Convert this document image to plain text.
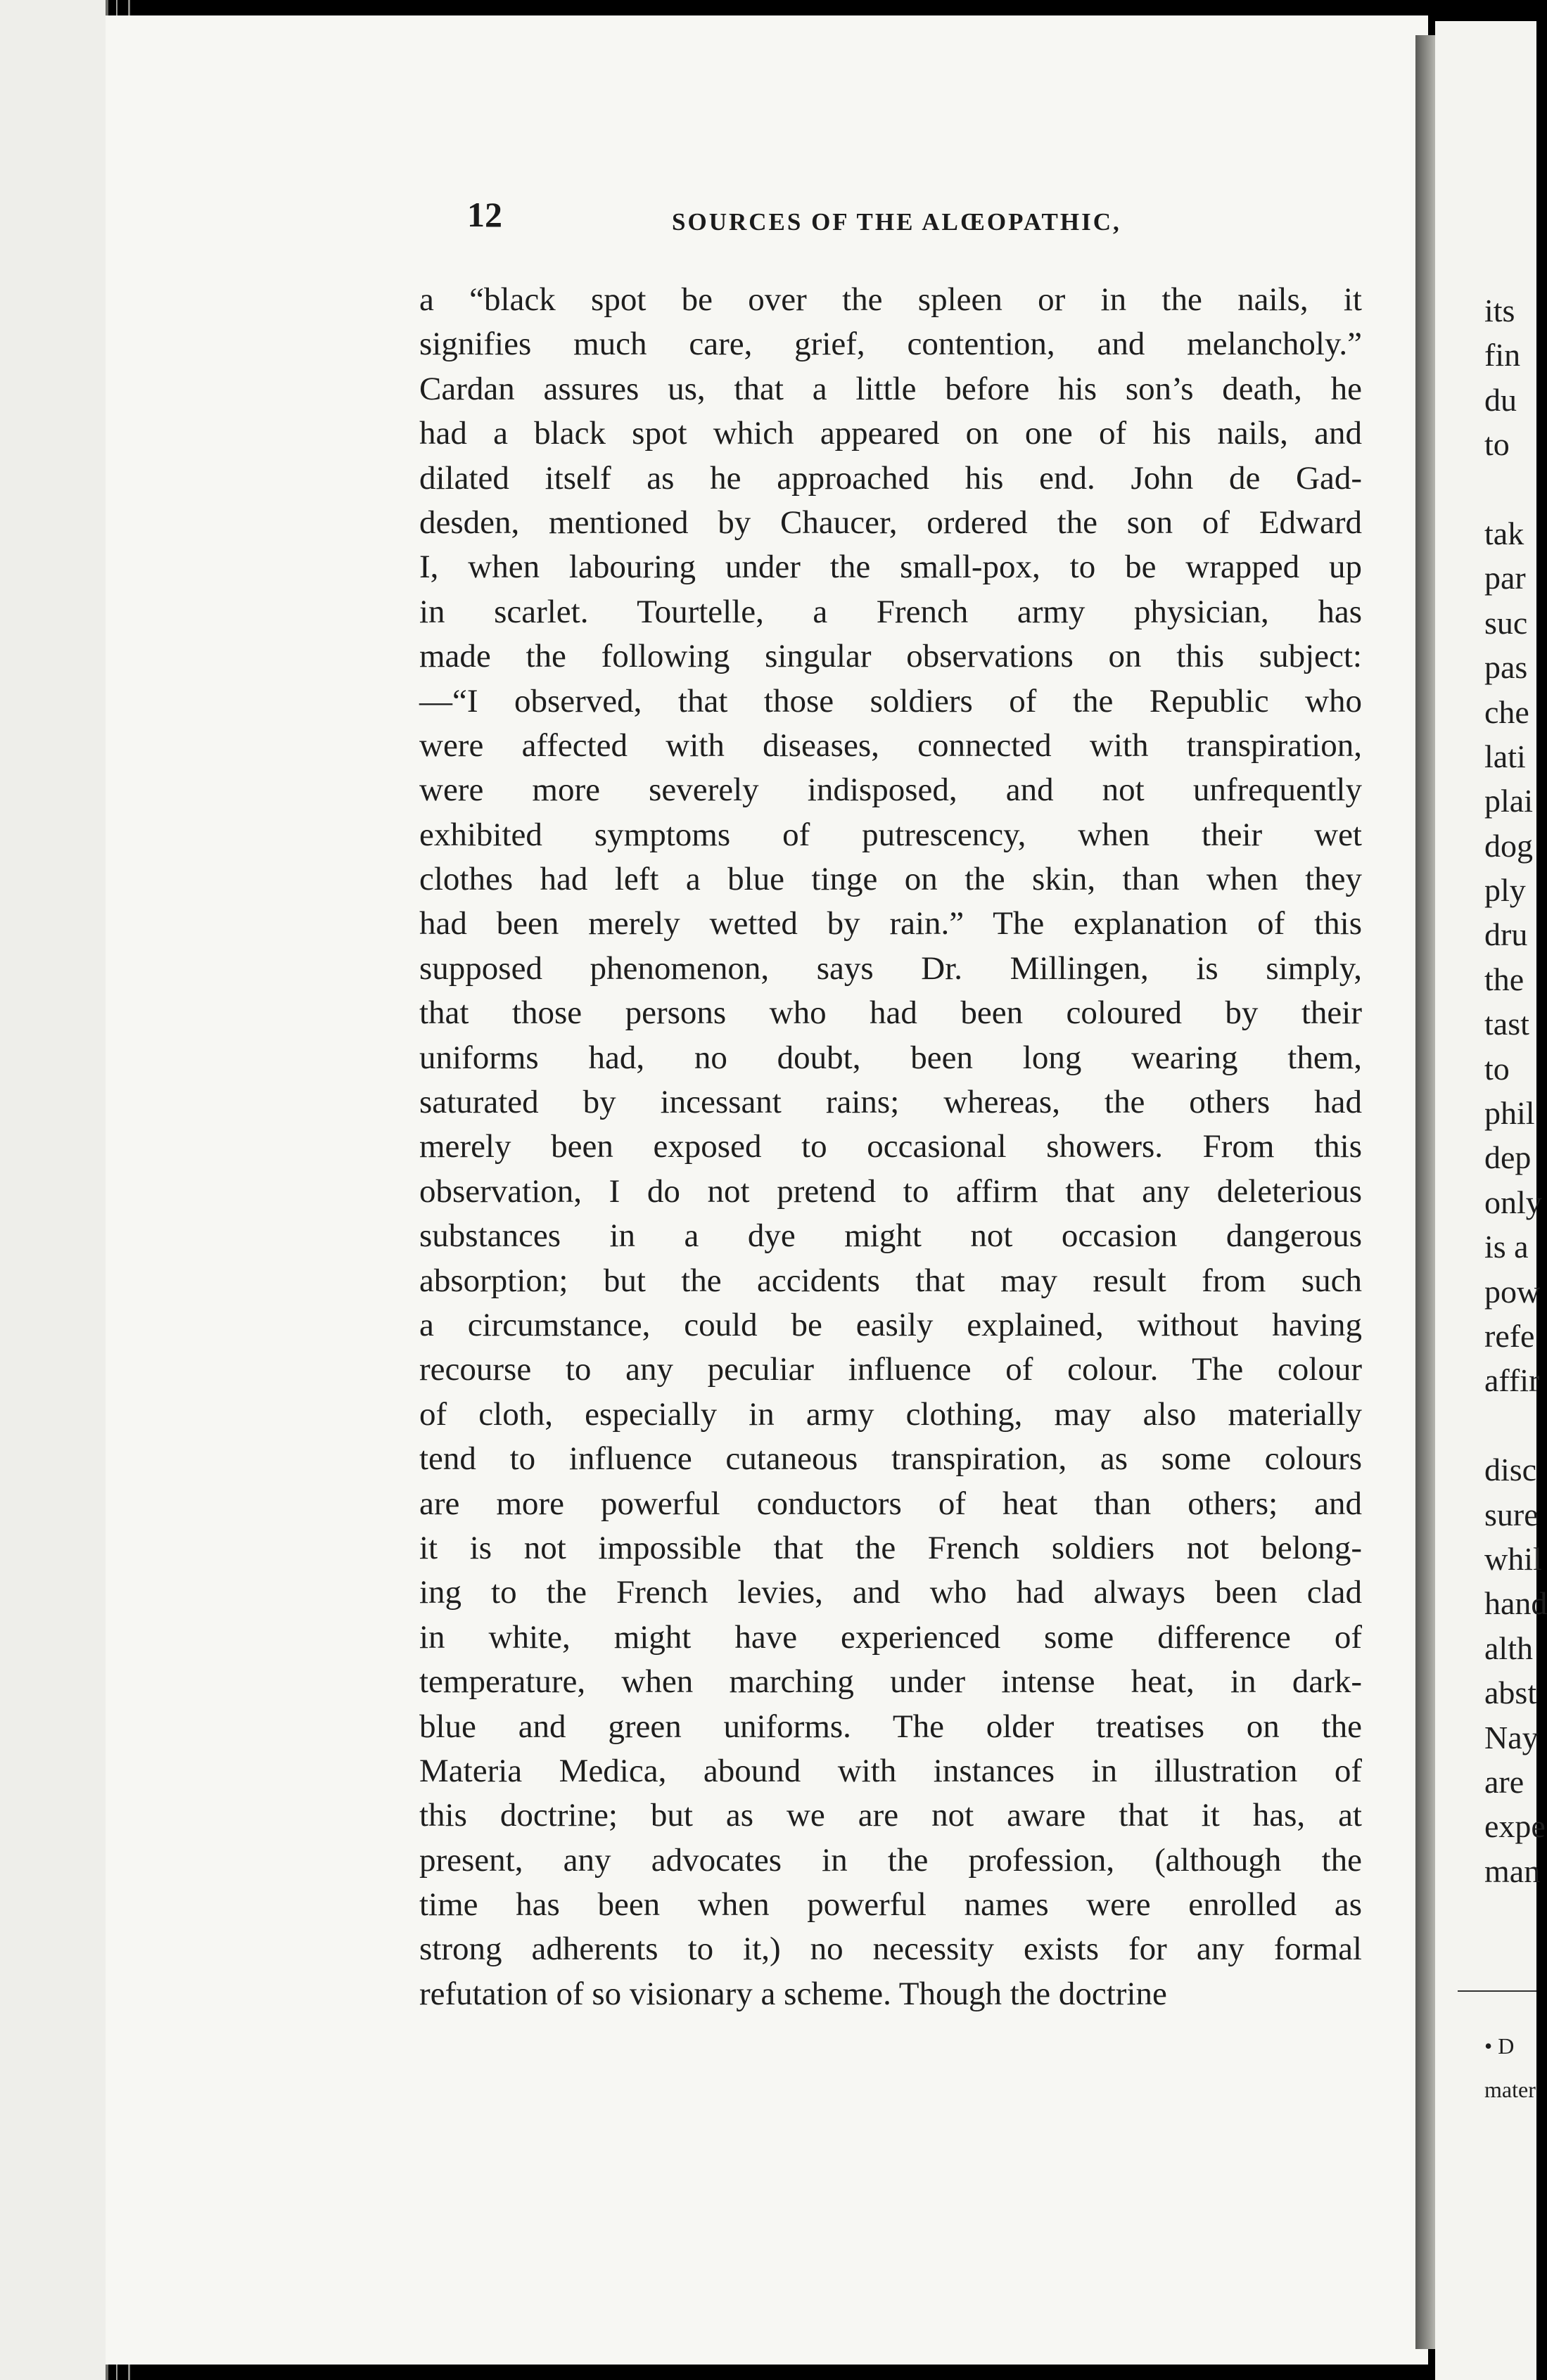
12	SOURCES OF THE ALŒOPATHIC,
a “black spot be over the spleen or in the nails, it
signifies much care, grief, contention, and melancholy.”
Cardan assures us, that a little before his son’s death, he
had a black spot which appeared on one of his nails, and
dilated itself as he approached his end. John de Gad-
desden, mentioned by Chaucer, ordered the son of Edward
I, when labouring under the small-pox, to be wrapped up
in scarlet. Tourtelle, a French army physician, has
made the following singular observations on this subject:
—“I observed, that those soldiers of the Republic who
were affected with diseases, connected with transpiration,
were more severely indisposed, and not unfrequently
exhibited symptoms of putrescency, when their wet
clothes had left a blue tinge on the skin, than when they
had been merely wetted by rain.” The explanation of this
supposed phenomenon, says Dr. Millingen, is simply,
that those persons who had been coloured by their
uniforms had, no doubt, been long wearing them,
saturated by incessant rains; whereas, the others had
merely been exposed to occasional showers. From this
observation, I do not pretend to affirm that any deleterious
substances in a dye might not occasion dangerous
absorption; but the accidents that may result from such
a circumstance, could be easily explained, without having
recourse to any peculiar influence of colour. The colour
of cloth, especially in army clothing, may also materially
tend to influence cutaneous transpiration, as some colours
are more powerful conductors of heat than others; and
it is not impossible that the French soldiers not belong-
ing to the French levies, and who had always been clad
in white, might have experienced some difference of
temperature, when marching under intense heat, in dark-
blue and green uniforms. The older treatises on the
Materia Medica, abound with instances in illustration of
this doctrine; but as we are not aware that it has, at
present, any advocates in the profession, (although the
time has been when powerful names were enrolled as
strong adherents to it,) no necessity exists for any formal
refutation of so visionary a scheme. Though the doctrine
its
fin
du
to
tak
par
suc
pas
che
lati
plai
dog
ply
dru
the
tast
to
phil
dep
only
is a
pow
refe
affir
disc
sure
whil
hand
alth
abst
Nay
are
expe
man
• D
mater
